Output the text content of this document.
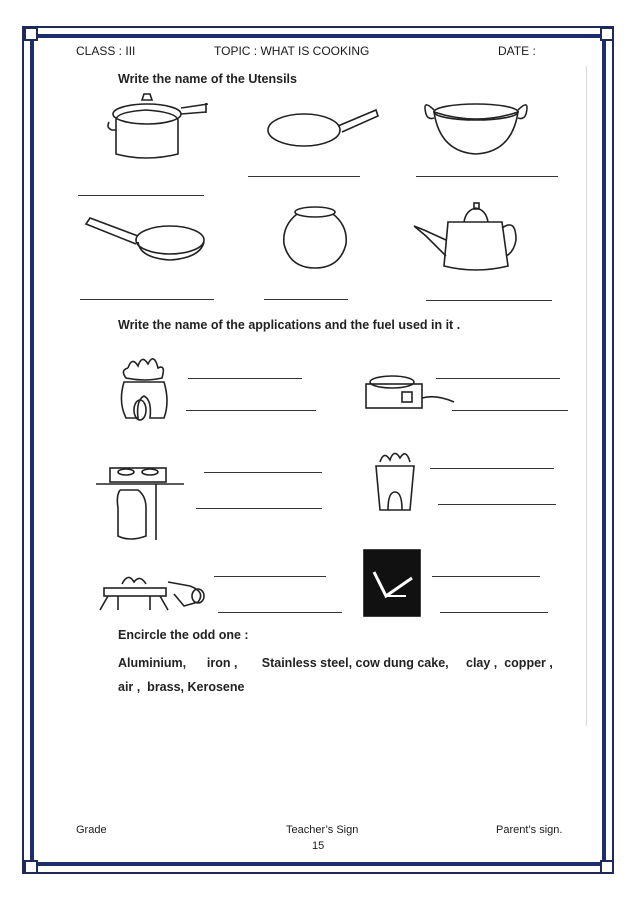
CLASS : III	TOPIC : WHAT IS COOKING	DATE :
Write the name of the Utensils
Write the name of the applications and the fuel used in it .
Encircle the odd one :
Aluminium,      iron ,       Stainless steel, cow dung cake,     clay ,  copper ,
air ,  brass, Kerosene
Grade	Teacher’s Sign	Parent’s sign.
15
